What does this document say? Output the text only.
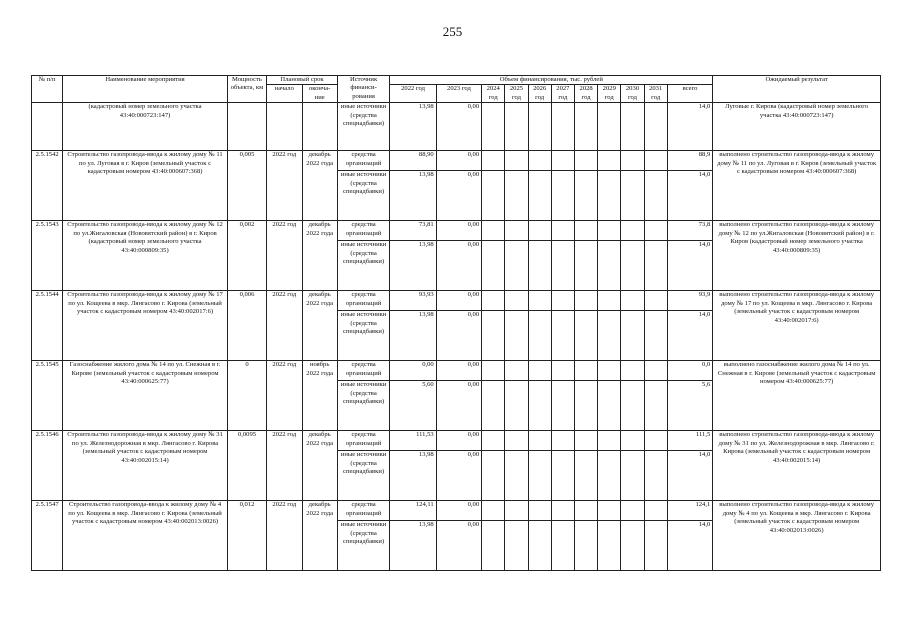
255
№ п/п	Наименование мероприятия	Мощность объекта, км	Плановый срок		Источник финанси-рования	Объем финансирования, тыс. рублей											Ожидаемый результат
			начало	оконча-ние		2022 год	2023 год	2024 год	2025 год	2026 год	2027 год	2028 год	2029 год	2030 год	2031 год	всего	
	(кадастровый номер земельного участка 43:40:000723:147)				иные источники (средства спецнадбавки)	13,98	0,00									14,0	Луговые г. Кирова (кадастровый номер земельного участка 43:40:000723:147)
2.5.1542	Строительство газопровода-ввода к жилому дому № 11 по ул. Луговая в г. Киров (земельный участок с кадастровым номером 43:40:000607:368)	0,005	2022 год	декабрь 2022 года	средства организаций	88,90	0,00									88,9	выполнено строительство газопровода-ввода к жилому дому № 11 по ул. Луговая в г. Киров (земельный участок с кадастровым номером 43:40:000607:368)
					иные источники (средства спецнадбавки)	13,98	0,00									14,0	
2.5.1543	Строительство газопровода-ввода к жилому дому № 12 по ул.Жигаловская (Нововятский район) в г. Киров (кадастровый номер земельного участка 43:40:000809:35)	0,002	2022 год	декабрь 2022 года	средства организаций	73,81	0,00									73,8	выполнено строительство газопровода-ввода к жилому дому № 12 по ул.Жигаловская (Нововятский район) в г. Киров (кадастровый номер земельного участка 43:40:000809:35)
					иные источники (средства спецнадбавки)	13,98	0,00									14,0	
2.5.1544	Строительство газопровода-ввода к жилому дому № 17 по ул. Кощеева в мкр. Лянгасово г. Кирова (земельный участок с кадастровым номером 43:40:002017:6)	0,006	2022 год	декабрь 2022 года	средства организаций	93,93	0,00									93,9	выполнено строительство газопровода-ввода к жилому дому № 17 по ул. Кощеева в мкр. Лянгасово г. Кирова (земельный участок с кадастровым номером 43:40:002017:6)
					иные источники (средства спецнадбавки)	13,98	0,00									14,0	
2.5.1545	Газоснабжение жилого дома № 14 по ул. Снежная в г. Кирове (земельный участок с кадастровым номером 43:40:000625:77)	0	2022 год	ноябрь 2022 года	средства организаций	0,00	0,00									0,0	выполнено газоснабжение жилого дома № 14 по ул. Снежная в г. Кирове (земельный участок с кадастровым номером 43:40:000625:77)
					иные источники (средства спецнадбавки)	5,60	0,00									5,6	
2.5.1546	Строительство газопровода-ввода к жилому дому № 31 по ул. Железнодорожная в мкр. Лянгасово г. Кирова (земельный участок с кадастровым номером 43:40:002015:14)	0,0095	2022 год	декабрь 2022 года	средства организаций	111,53	0,00									111,5	выполнено строительство газопровода-ввода к жилому дому № 31 по ул. Железнодорожная в мкр. Лянгасово г. Кирова (земельный участок с кадастровым номером 43:40:002015:14)
					иные источники (средства спецнадбавки)	13,98	0,00									14,0	
2.5.1547	Строительство газопровода-ввода к жилому дому № 4 по ул. Кощеева в мкр. Лянгасово г. Кирова (земельный участок с кадастровым номером 43:40:002013:0026)	0,012	2022 год	декабрь 2022 года	средства организаций	124,11	0,00									124,1	выполнено строительство газопровода-ввода к жилому дому № 4 по ул. Кощеева в мкр. Лянгасово г. Кирова (земельный участок с кадастровым номером 43:40:002013:0026)
					иные источники (средства спецнадбавки)	13,98	0,00									14,0	
